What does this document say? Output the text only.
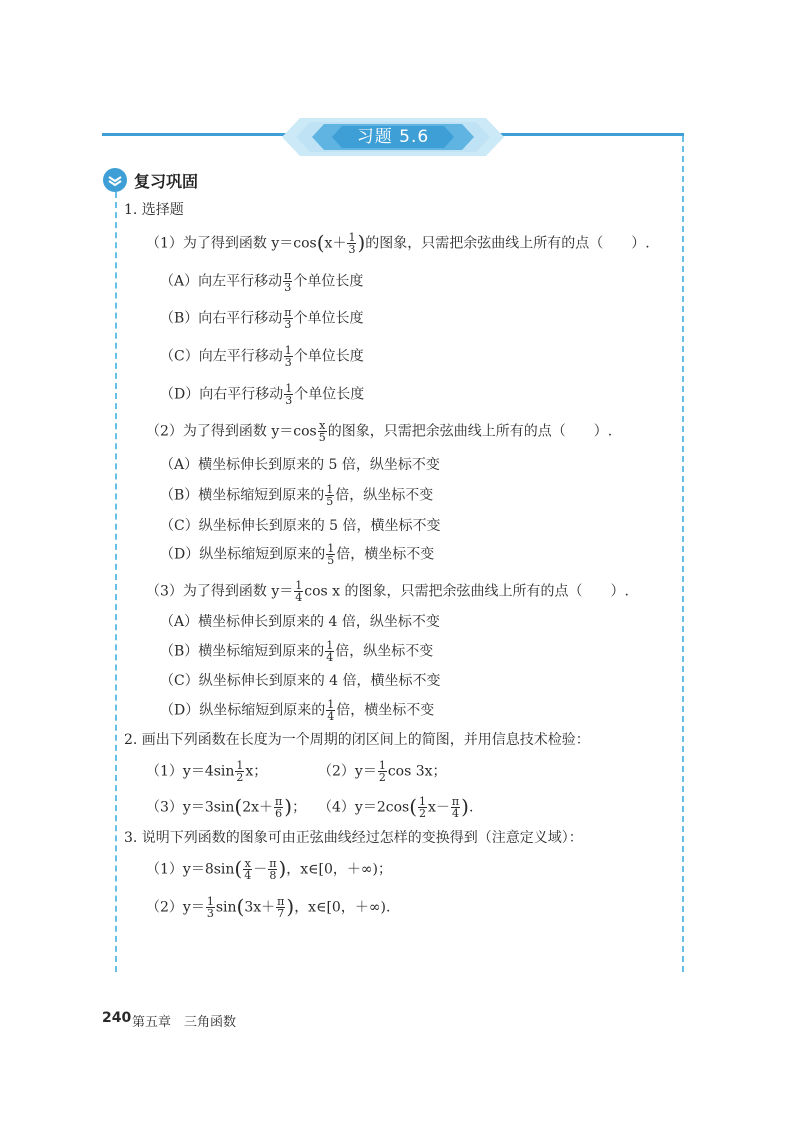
习题 5.6
复习巩固
1. 选择题
（1）为了得到函数 $y=\cos(x+ \frac{1}{3}$ )的图象，只需把余弦曲线上所有的点（　　）.
（A）向左平行移动 $\frac{\pi}{3}$ 个单位长度
（B）向右平行移动 $\frac{\pi}{3}$ 个单位长度
（C）向左平行移动 $\frac{1}{3}$ 个单位长度
（D）向右平行移动 $\frac{1}{3}$ 个单位长度
（2）为了得到函数 $y=\cos \frac{x}{5}$ 的图象，只需把余弦曲线上所有的点（　　）.
（A）横坐标伸长到原来的 5 倍，纵坐标不变
（B）横坐标缩短到原来的 $\frac{1}{5}$ 倍，纵坐标不变
（C）纵坐标伸长到原来的 5 倍，横坐标不变
（D）纵坐标缩短到原来的 $\frac{1}{5}$ 倍，横坐标不变
（3）为了得到函数 $y= \frac{1}{4}$ cos x 的图象，只需把余弦曲线上所有的点（　　）.
（A）横坐标伸长到原来的 4 倍，纵坐标不变
（B）横坐标缩短到原来的 $\frac{1}{4}$ 倍，纵坐标不变
（C）纵坐标伸长到原来的 4 倍，横坐标不变
（D）纵坐标缩短到原来的 $\frac{1}{4}$ 倍，横坐标不变
2. 画出下列函数在长度为一个周期的闭区间上的简图，并用信息技术检验：
$(1)y=4\sin \frac{1}{2}$ x；	$(2)y= \frac{1}{2}$ cos 3x；
$(3)y=3\sin(2x+ \frac{\pi}{6}$ )； $(4)y=2\cos( \frac{1}{2} x- \frac{\pi}{4}$ ).
3. 说明下列函数的图象可由正弦曲线经过怎样的变换得到（注意定义域）：
$(1)y=8\sin( \frac{x}{4} - \frac{\pi}{8}$ )，x∈[0，＋∞)；
$(2)y= \frac{1}{3} \sin(3x+ \frac{\pi}{7}$ )，x∈[0，＋∞).
240 第五章　三角函数
